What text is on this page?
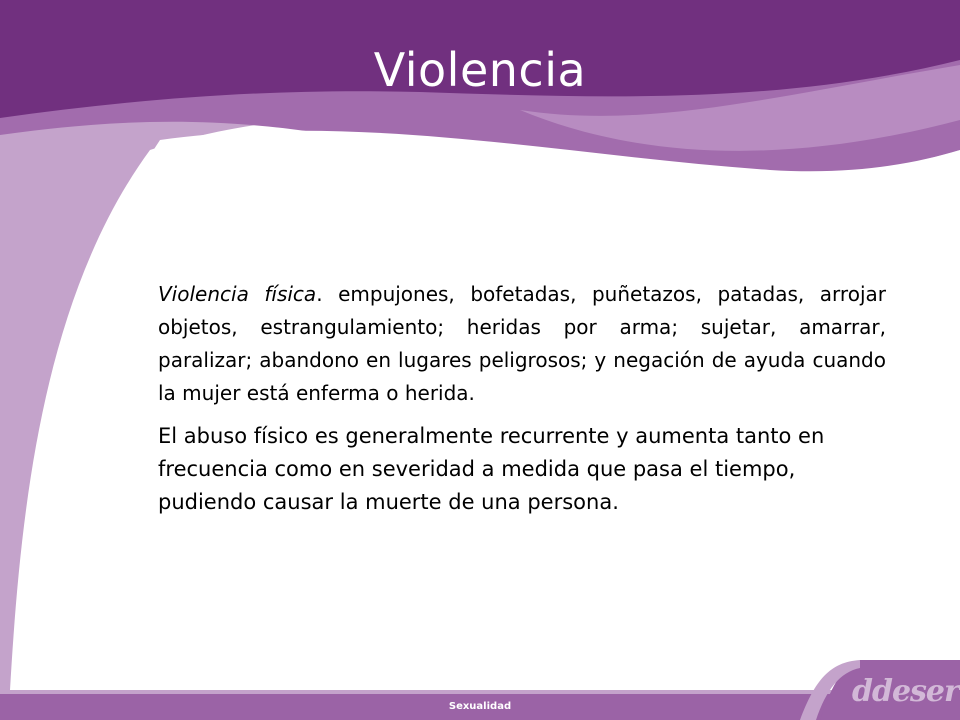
Violencia

Violencia física. empujones, bofetadas, puñetazos, patadas, arrojar objetos, estrangulamiento; heridas por arma; sujetar, amarrar, paralizar; abandono en lugares peligrosos; y negación de ayuda cuando la mujer está enferma o herida.

El abuso físico es generalmente recurrente y aumenta tanto en frecuencia como en severidad a medida que pasa el tiempo, pudiendo causar la muerte de una persona.

Sexualidad	ddeser
